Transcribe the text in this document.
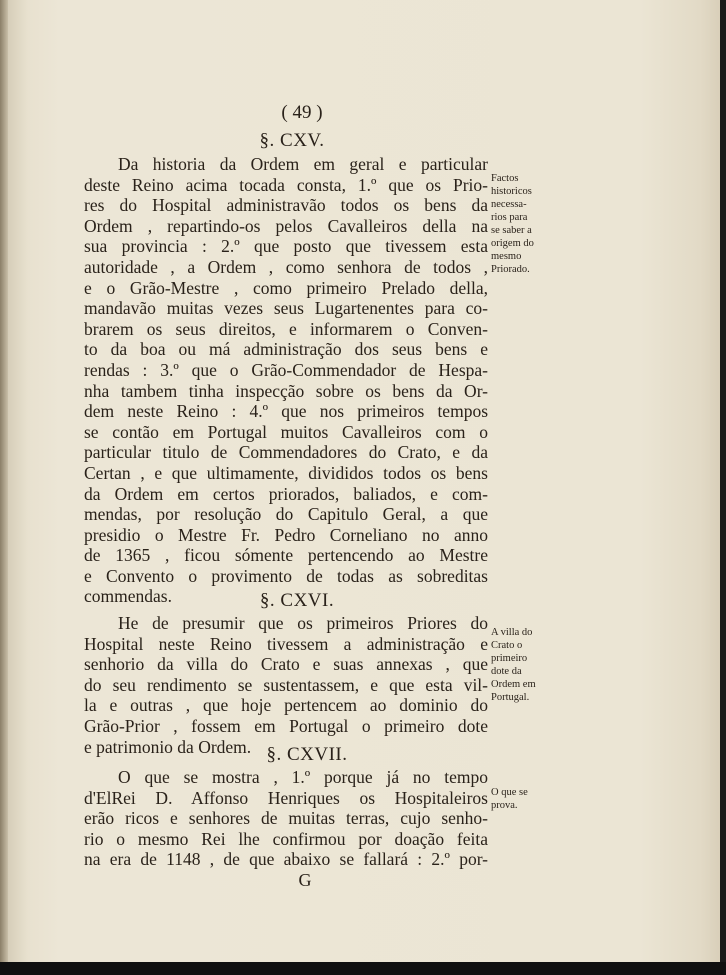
( 49 )
§. CXV.
Da historia da Ordem em geral e particular
deste Reino acima tocada consta, 1.º que os Prio-
res do Hospital administravão todos os bens da
Ordem , repartindo-os pelos Cavalleiros della na
sua provincia : 2.º que posto que tivessem esta
autoridade , a Ordem , como senhora de todos ,
e o Grão-Mestre , como primeiro Prelado della,
mandavão muitas vezes seus Lugartenentes para co-
brarem os seus direitos, e informarem o Conven-
to da boa ou má administração dos seus bens e
rendas : 3.º que o Grão-Commendador de Hespa-
nha tambem tinha inspecção sobre os bens da Or-
dem neste Reino : 4.º que nos primeiros tempos
se contão em Portugal muitos Cavalleiros com o
particular titulo de Commendadores do Crato, e da
Certan , e que ultimamente, divididos todos os bens
da Ordem em certos priorados, baliados, e com-
mendas, por resolução do Capitulo Geral, a que
presidio o Mestre Fr. Pedro Corneliano no anno
de 1365 , ficou sómente pertencendo ao Mestre
e Convento o provimento de todas as sobreditas
commendas.
Factos
historicos
necessa-
rios para
se saber a
origem do
mesmo
Priorado.
§. CXVI.
He de presumir que os primeiros Priores do
Hospital neste Reino tivessem a administração e
senhorio da villa do Crato e suas annexas , que
do seu rendimento se sustentassem, e que esta vil-
la e outras , que hoje pertencem ao dominio do
Grão-Prior , fossem em Portugal o primeiro dote
e patrimonio da Ordem.
A villa do
Crato o
primeiro
dote da
Ordem em
Portugal.
§. CXVII.
O que se mostra , 1.º porque já no tempo
d'ElRei D. Affonso Henriques os Hospitaleiros
erão ricos e senhores de muitas terras, cujo senho-
rio o mesmo Rei lhe confirmou por doação feita
na era de 1148 , de que abaixo se fallará : 2.º por-
O que se
prova.
G
